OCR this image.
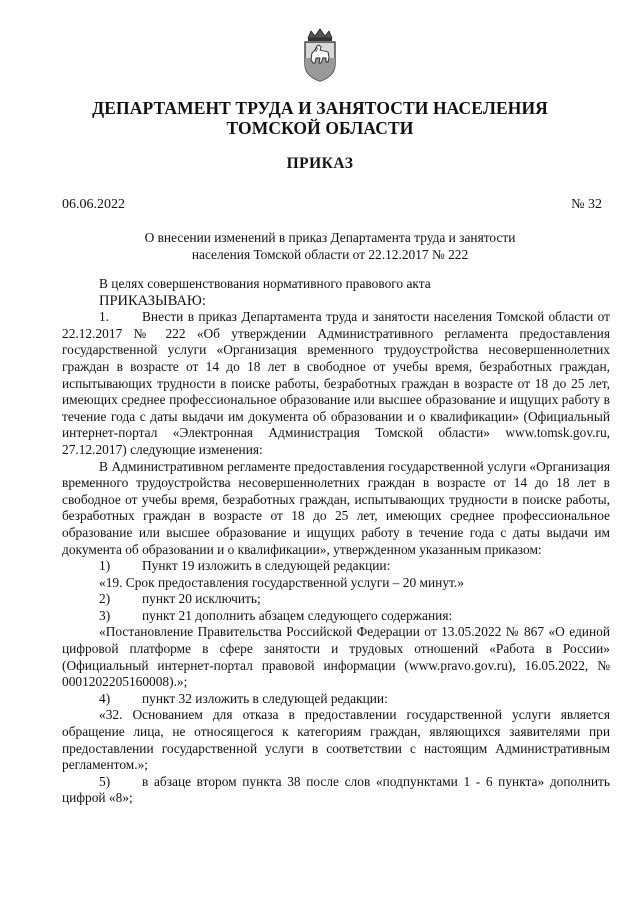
ДЕПАРТАМЕНТ ТРУДА И ЗАНЯТОСТИ НАСЕЛЕНИЯ
ТОМСКОЙ ОБЛАСТИ
ПРИКАЗ
06.06.2022	№ 32
О внесении изменений в приказ Департамента труда и занятости
населения Томской области от 22.12.2017 № 222

В целях совершенствования нормативного правового акта

ПРИКАЗЫВАЮ:

1. Внести в приказ Департамента труда и занятости населения Томской области от 22.12.2017 № 222 «Об утверждении Административного регламента предоставления государственной услуги «Организация временного трудоустройства несовершеннолетних граждан в возрасте от 14 до 18 лет в свободное от учебы время, безработных граждан, испытывающих трудности в поиске работы, безработных граждан в возрасте от 18 до 25 лет, имеющих среднее профессиональное образование или высшее образование и ищущих работу в течение года с даты выдачи им документа об образовании и о квалификации» (Официальный интернет-портал «Электронная Администрация Томской области» www.tomsk.gov.ru, 27.12.2017) следующие изменения:

В Административном регламенте предоставления государственной услуги «Организация временного трудоустройства несовершеннолетних граждан в возрасте от 14 до 18 лет в свободное от учебы время, безработных граждан, испытывающих трудности в поиске работы, безработных граждан в возрасте от 18 до 25 лет, имеющих среднее профессиональное образование или высшее образование и ищущих работу в течение года с даты выдачи им документа об образовании и о квалификации», утвержденном указанным приказом:

1) Пункт 19 изложить в следующей редакции:

«19. Срок предоставления государственной услуги – 20 минут.»

2) пункт 20 исключить;

3) пункт 21 дополнить абзацем следующего содержания:

«Постановление Правительства Российской Федерации от 13.05.2022 № 867 «О единой цифровой платформе в сфере занятости и трудовых отношений «Работа в России» (Официальный интернет-портал правовой информации (www.pravo.gov.ru), 16.05.2022, № 0001202205160008).»;

4) пункт 32 изложить в следующей редакции:

«32. Основанием для отказа в предоставлении государственной услуги является обращение лица, не относящегося к категориям граждан, являющихся заявителями при предоставлении государственной услуги в соответствии с настоящим Административным регламентом.»;

5) в абзаце втором пункта 38 после слов «подпунктами 1 - 6 пункта» дополнить цифрой «8»;
